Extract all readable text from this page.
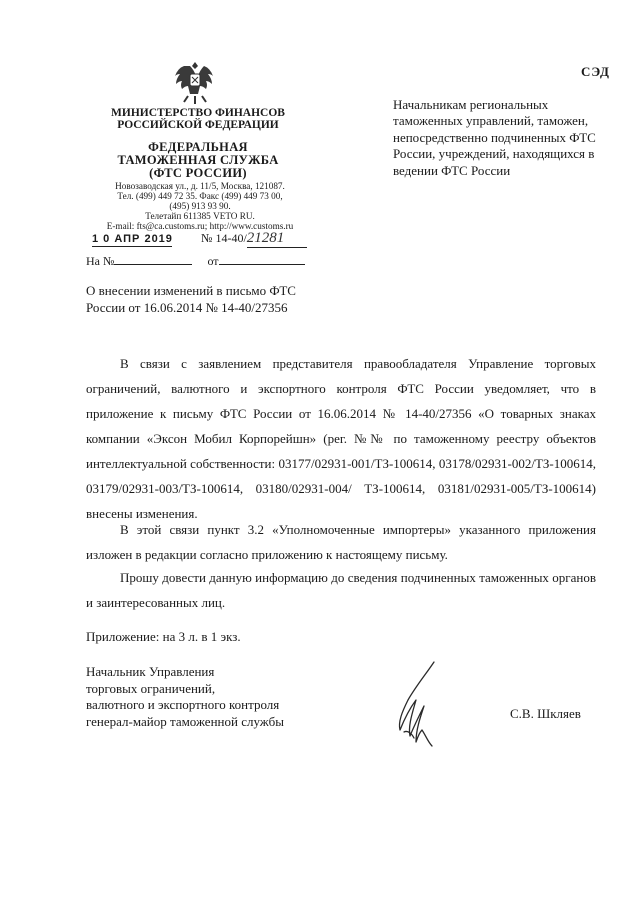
МИНИСТЕРСТВО ФИНАНСОВ
РОССИЙСКОЙ ФЕДЕРАЦИИ
ФЕДЕРАЛЬНАЯ
ТАМОЖЕННАЯ СЛУЖБА
(ФТС РОССИИ)
Новозаводская ул., д. 11/5, Москва, 121087.
Тел. (499) 449 72 35. Факс (499) 449 73 00,
(495) 913 93 90.
Телетайп 611385 VETO RU.
E-mail: fts@ca.customs.ru; http://www.customs.ru
СЭД
Начальникам региональных таможенных управлений, таможен, непосредственно подчиненных ФТС России, учреждений, находящихся в ведении ФТС России
1 0 АПР 2019 № 14-40/21281
На №	от
О внесении изменений в письмо ФТС России от 16.06.2014 № 14-40/27356
В связи с заявлением представителя правообладателя Управление торговых ограничений, валютного и экспортного контроля ФТС России уведомляет, что в приложение к письму ФТС России от 16.06.2014 № 14-40/27356 «О товарных знаках компании «Эксон Мобил Корпорейшн» (рег. №№ по таможенному реестру объектов интеллектуальной собственности: 03177/02931-001/ТЗ-100614, 03178/02931-002/ТЗ-100614, 03179/02931-003/ТЗ-100614, 03180/02931-004/ ТЗ-100614, 03181/02931-005/ТЗ-100614) внесены изменения.
В этой связи пункт 3.2 «Уполномоченные импортеры» указанного приложения изложен в редакции согласно приложению к настоящему письму.
Прошу довести данную информацию до сведения подчиненных таможенных органов и заинтересованных лиц.
Приложение: на 3 л. в 1 экз.
Начальник Управления
торговых ограничений,
валютного и экспортного контроля
генерал-майор таможенной службы
С.В. Шкляев
